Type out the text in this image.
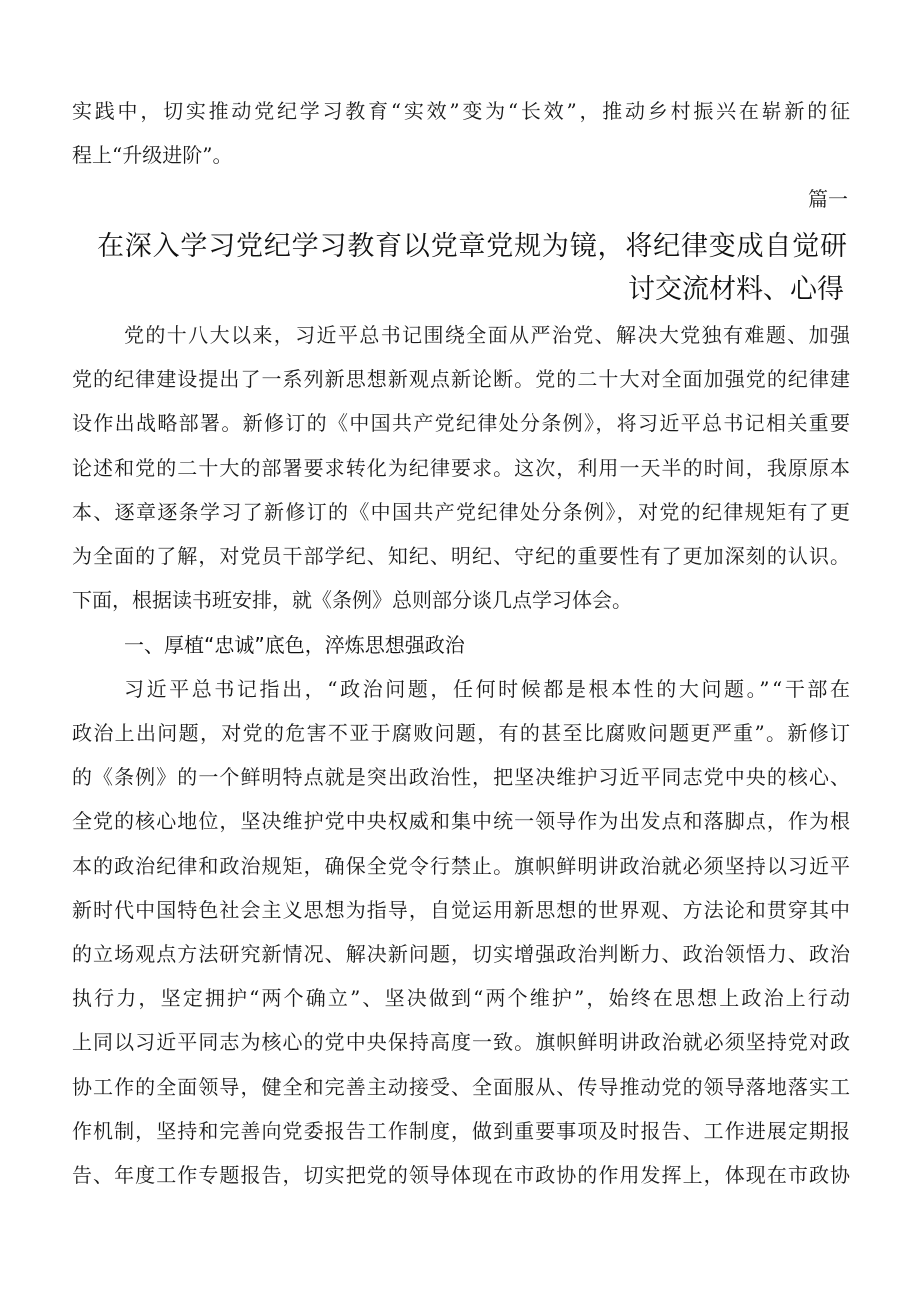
实践中，切实推动党纪学习教育“实效”变为“长效”，推动乡村振兴在崭新的征
程上“升级进阶”。
篇一
在深入学习党纪学习教育以党章党规为镜，将纪律变成自觉研
讨交流材料、心得
党的十八大以来，习近平总书记围绕全面从严治党、解决大党独有难题、加强
党的纪律建设提出了一系列新思想新观点新论断。党的二十大对全面加强党的纪律建
设作出战略部署。新修订的《中国共产党纪律处分条例》，将习近平总书记相关重要
论述和党的二十大的部署要求转化为纪律要求。这次，利用一天半的时间，我原原本
本、逐章逐条学习了新修订的《中国共产党纪律处分条例》，对党的纪律规矩有了更
为全面的了解，对党员干部学纪、知纪、明纪、守纪的重要性有了更加深刻的认识。
下面，根据读书班安排，就《条例》总则部分谈几点学习体会。
一、厚植“忠诚”底色，淬炼思想强政治
习近平总书记指出，“政治问题，任何时候都是根本性的大问题。”“干部在
政治上出问题，对党的危害不亚于腐败问题，有的甚至比腐败问题更严重”。新修订
的《条例》的一个鲜明特点就是突出政治性，把坚决维护习近平同志党中央的核心、
全党的核心地位，坚决维护党中央权威和集中统一领导作为出发点和落脚点，作为根
本的政治纪律和政治规矩，确保全党令行禁止。旗帜鲜明讲政治就必须坚持以习近平
新时代中国特色社会主义思想为指导，自觉运用新思想的世界观、方法论和贯穿其中
的立场观点方法研究新情况、解决新问题，切实增强政治判断力、政治领悟力、政治
执行力，坚定拥护“两个确立”、坚决做到“两个维护”，始终在思想上政治上行动
上同以习近平同志为核心的党中央保持高度一致。旗帜鲜明讲政治就必须坚持党对政
协工作的全面领导，健全和完善主动接受、全面服从、传导推动党的领导落地落实工
作机制，坚持和完善向党委报告工作制度，做到重要事项及时报告、工作进展定期报
告、年度工作专题报告，切实把党的领导体现在市政协的作用发挥上，体现在市政协
